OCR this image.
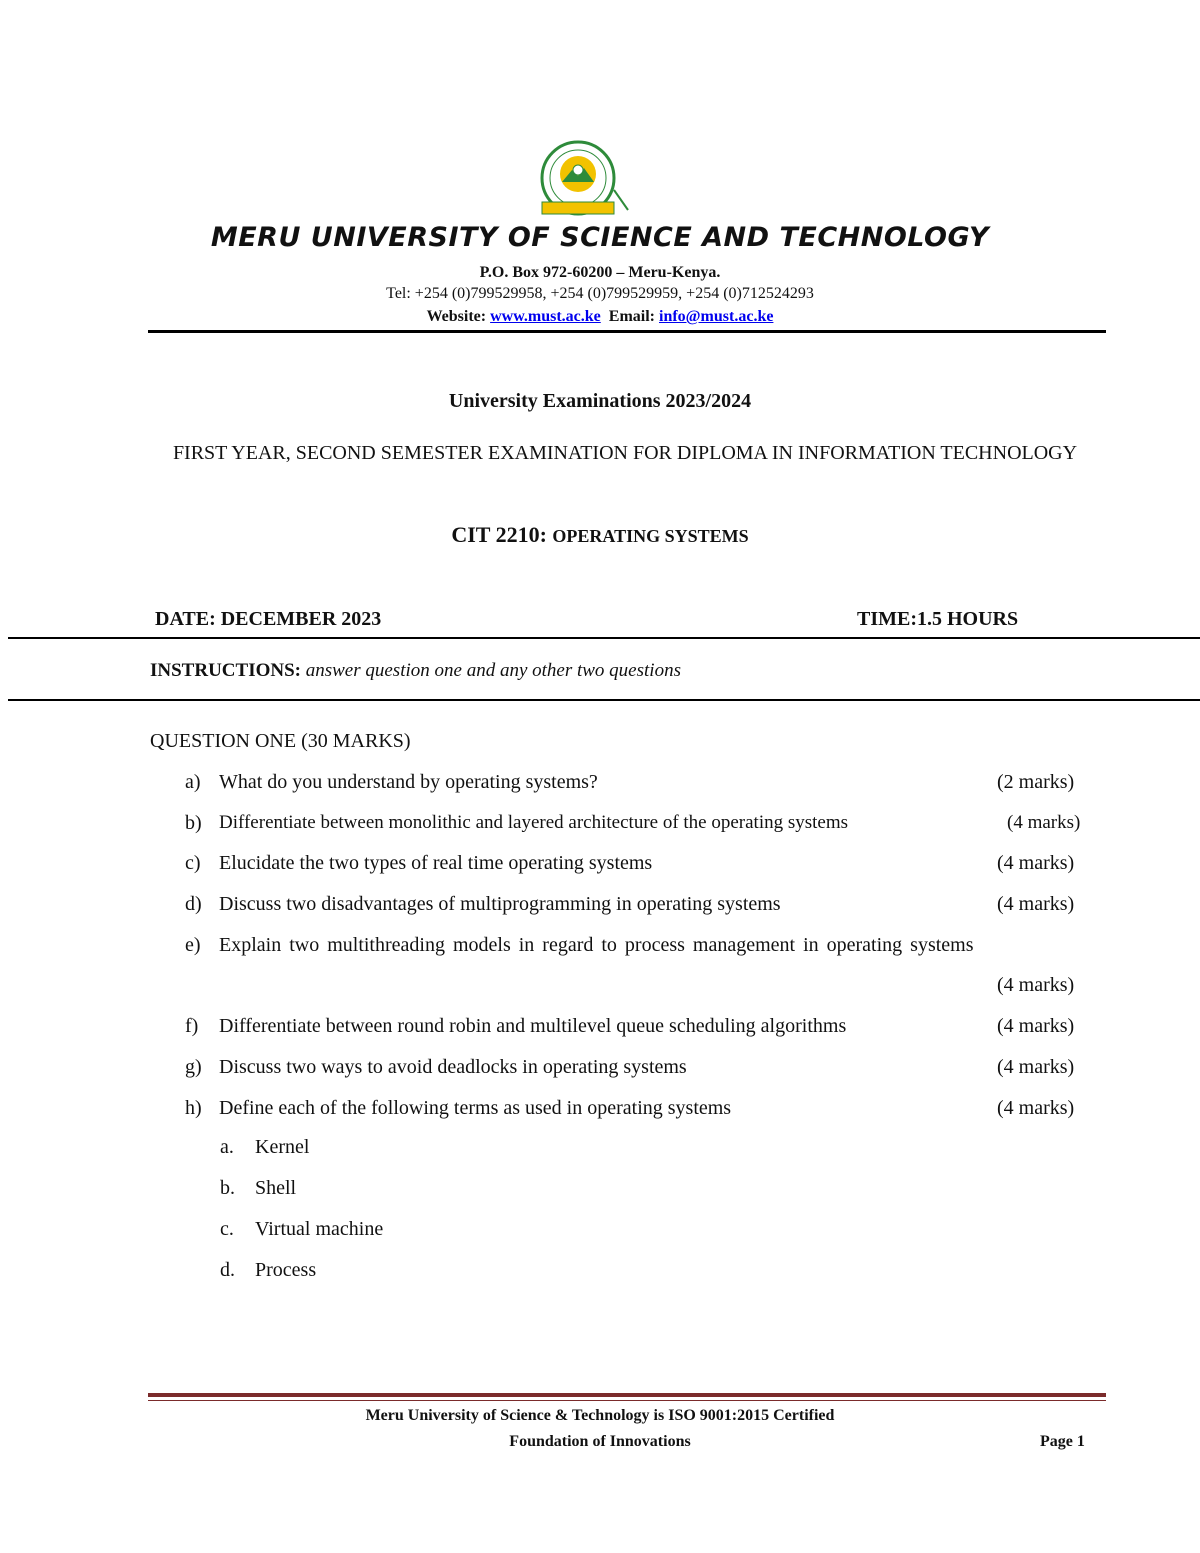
MERU UNIVERSITY OF SCIENCE AND TECHNOLOGY
P.O. Box 972-60200 – Meru-Kenya.
Tel: +254 (0)799529958, +254 (0)799529959, +254 (0)712524293
Website: www.must.ac.ke Email: info@must.ac.ke
University Examinations 2023/2024
FIRST YEAR, SECOND SEMESTER EXAMINATION FOR DIPLOMA IN INFORMATION TECHNOLOGY
CIT 2210: OPERATING SYSTEMS
DATE: DECEMBER 2023	TIME:1.5 HOURS
INSTRUCTIONS: answer question one and any other two questions
QUESTION ONE (30 MARKS)
a) What do you understand by operating systems?	(2 marks)
b) Differentiate between monolithic and layered architecture of the operating systems	(4 marks)
c) Elucidate the two types of real time operating systems	(4 marks)
d) Discuss two disadvantages of multiprogramming in operating systems	(4 marks)
e) Explain two multithreading models in regard to process management in operating systems
(4 marks)
f)	Differentiate between round robin and multilevel queue scheduling algorithms	(4 marks)
g) Discuss two ways to avoid deadlocks in operating systems	(4 marks)
h) Define each of the following terms as used in operating systems	(4 marks)
a. Kernel
b. Shell
c. Virtual machine
d. Process
Meru University of Science & Technology is ISO 9001:2015 Certified
Foundation of Innovations	Page 1
